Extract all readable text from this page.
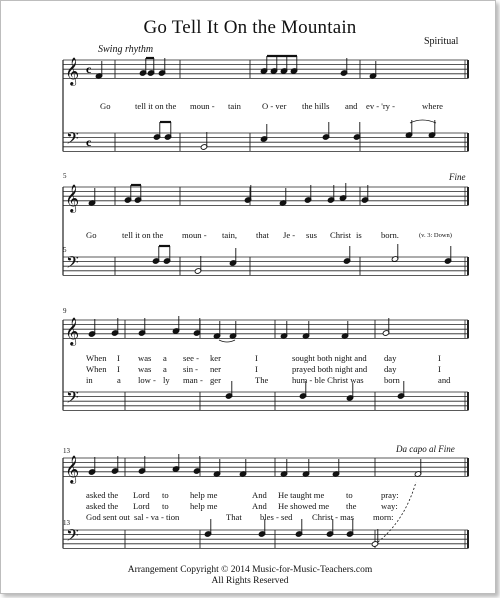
𝄞
𝄢
c
c
𝄞
𝄢
𝄞
𝄢
𝄞
𝄢
Go Tell It On the Mountain
Spiritual
Swing rhythm
Fine
Da capo al Fine
5
5
9
13
13
Go	tell it on the moun - tain O - ver the hills and ev - 'ry -	where
Go	tell it on the moun - tain, that Je - sus Christ is born.	(v. 3: Down)
Arrangement Copyright © 2014 Music-for-Music-Teachers.com
All Rights Reserved
When I was a see - ker	I	sought both night and day	I
When I was a sin - ner	I	prayed both night and day	I
in	a low - ly man - ger	The	hum - ble Christ was born	and
asked the Lord to help me	And He taught me	to	pray:
asked the Lord to help me	And He showed me the	way:
God sent out sal - va - tion	That bles - sed Christ - mas morn:
